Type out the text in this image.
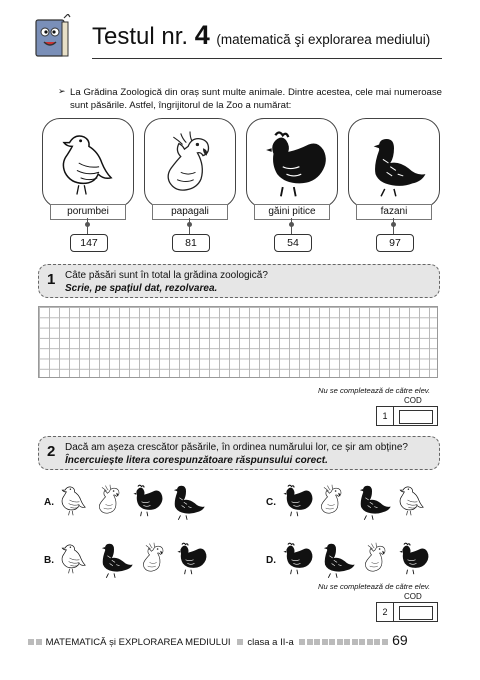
Testul nr. 4 (matematică şi explorarea mediului)
➢ La Grădina Zoologică din oraș sunt multe animale. Dintre acestea, cele mai numeroase sunt păsările. Astfel, îngrijitorul de la Zoo a numărat:
porumbei	papagali	găini pitice	fazani
147	81	54	97
1 Câte păsări sunt în total la grădina zoologică?
Scrie, pe spațiul dat, rezolvarea.
Nu se completează de către elev.
COD
1
2 Dacă am așeza crescător păsările, în ordinea numărului lor, ce șir am obține?
Încercuiește litera corespunzătoare răspunsului corect.
A.	C.
B.	D.
Nu se completează de către elev.
COD
2
MATEMATICĂ și EXPLORAREA MEDIULUI clasa a II-a	69
